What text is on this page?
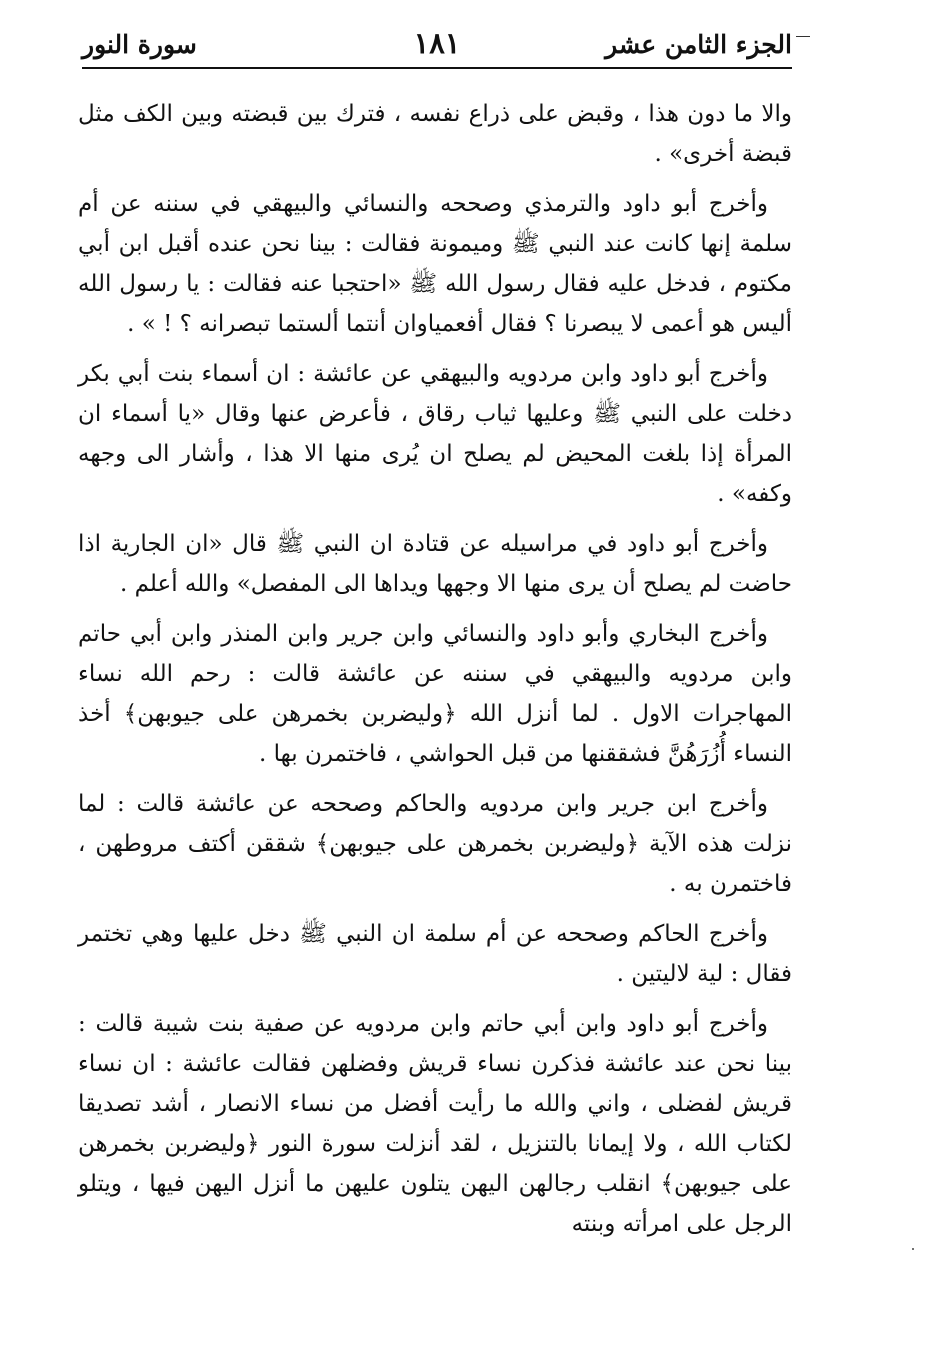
الجزء الثامن عشر
١٨١
سورة النور

والا ما دون هذا ، وقبض على ذراع نفسه ، فترك بين قبضته وبين الكف مثل قبضة أخرى» .

وأخرج أبو داود والترمذي وصححه والنسائي والبيهقي في سننه عن أم سلمة إنها كانت عند النبي ﷺ وميمونة فقالت : بينا نحن عنده أقبل ابن أبي مكتوم ، فدخل عليه فقال رسول الله ﷺ «احتجبا عنه فقالت : يا رسول الله أليس هو أعمى لا يبصرنا ؟ فقال أفعمياوان أنتما ألستما تبصرانه ؟ ! » .

وأخرج أبو داود وابن مردويه والبيهقي عن عائشة : ان أسماء بنت أبي بكر دخلت على النبي ﷺ وعليها ثياب رقاق ، فأعرض عنها وقال «يا أسماء ان المرأة إذا بلغت المحيض لم يصلح ان يُرى منها الا هذا ، وأشار الى وجهه وكفه» .

وأخرج أبو داود في مراسيله عن قتادة ان النبي ﷺ قال «ان الجارية اذا حاضت لم يصلح أن يرى منها الا وجهها ويداها الى المفصل» والله أعلم .

وأخرج البخاري وأبو داود والنسائي وابن جرير وابن المنذر وابن أبي حاتم وابن مردويه والبيهقي في سننه عن عائشة قالت : رحم الله نساء المهاجرات الاول . لما أنزل الله ﴿وليضربن بخمرهن على جيوبهن﴾ أخذ النساء أُزُرَهُنَّ فشققنها من قبل الحواشي ، فاختمرن بها .

وأخرج ابن جرير وابن مردويه والحاكم وصححه عن عائشة قالت : لما نزلت هذه الآية ﴿وليضربن بخمرهن على جيوبهن﴾ شققن أكتف مروطهن ، فاختمرن به .

وأخرج الحاكم وصححه عن أم سلمة ان النبي ﷺ دخل عليها وهي تختمر فقال : لية لاليتين .

وأخرج أبو داود وابن أبي حاتم وابن مردويه عن صفية بنت شيبة قالت : بينا نحن عند عائشة فذكرن نساء قريش وفضلهن فقالت عائشة : ان نساء قريش لفضلى ، واني والله ما رأيت أفضل من نساء الانصار ، أشد تصديقا لكتاب الله ، ولا إيمانا بالتنزيل ، لقد أنزلت سورة النور ﴿وليضربن بخمرهن على جيوبهن﴾ انقلب رجالهن اليهن يتلون عليهن ما أنزل اليهن فيها ، ويتلو الرجل على امرأته وبنته
